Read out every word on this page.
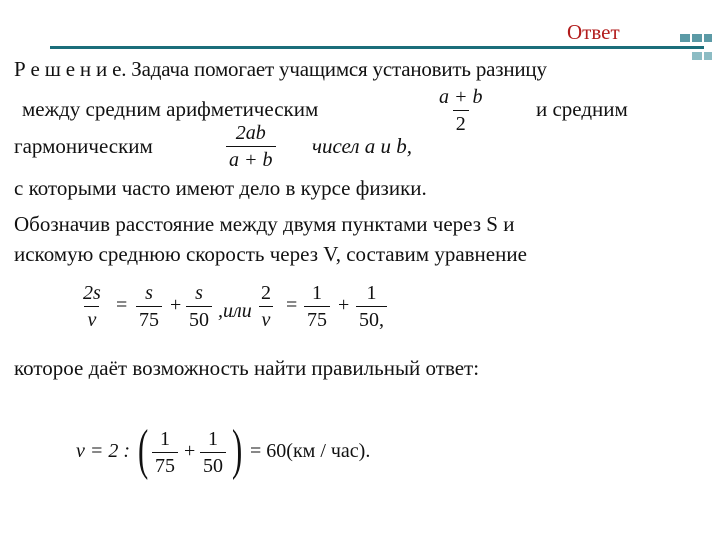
Ответ
Р е ш е н и е. Задача помогает учащимся установить разницу
между средним арифметическим	и средним
гармоническим	чисел a и b,
с которыми часто имеют дело в курсе физики.
Обозначив расстояние между двумя пунктами через S и
искомую среднюю скорость через V, составим уравнение
которое даёт возможность найти правильный ответ:
$\frac{a + b}{2}$
$\frac{2ab}{a + b}$
$\frac{2s}{v} = \frac{s}{75} + \frac{s}{50} ,или \frac{2}{v} = \frac{1}{75} + \frac{1}{50,}$
v = 2 : ( $\frac{1}{75} + \frac{1}{50}$ ) = 60(км / час).
